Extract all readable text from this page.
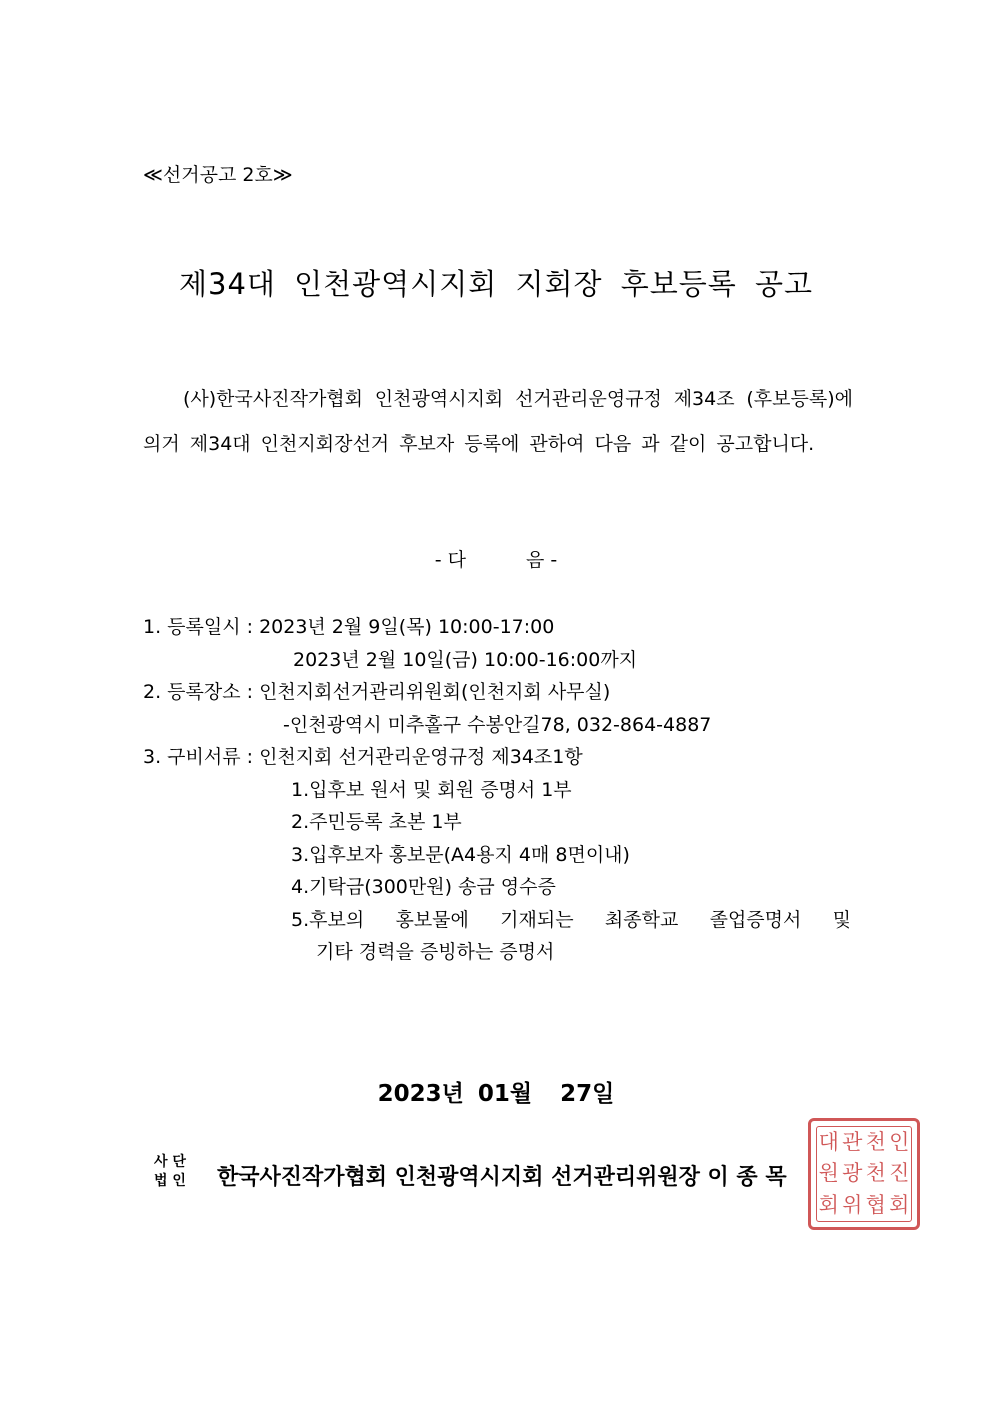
≪선거공고 2호≫
제34대 인천광역시지회 지회장 후보등록 공고
(사)한국사진작가협회 인천광역시지회 선거관리운영규정 제34조 (후보등록)에 의거 제34대 인천지회장선거 후보자 등록에 관하여 다음 과 같이 공고합니다.
- 다	음 -
1. 등록일시 : 2023년 2월 9일(목) 10:00-17:00
2023년 2월 10일(금) 10:00-16:00까지
2. 등록장소 : 인천지회선거관리위원회(인천지회 사무실)
-인천광역시 미추홀구 수봉안길78, 032-864-4887
3. 구비서류 : 인천지회 선거관리운영규정 제34조1항
1.입후보 원서 및 회원 증명서 1부
2.주민등록 초본 1부
3.입후보자 홍보문(A4용지 4매 8면이내)
4.기탁금(300만원) 송금 영수증
5.후보의 홍보물에 기재되는 최종학교 졸업증명서 및
기타 경력을 증빙하는 증명서
2023년 01월  27일
사 단
법 인 한국사진작가협회 인천광역시지회 선거관리위원장 이 종 목
대 관 천 인
원 광 천 진
회 위 협 회
